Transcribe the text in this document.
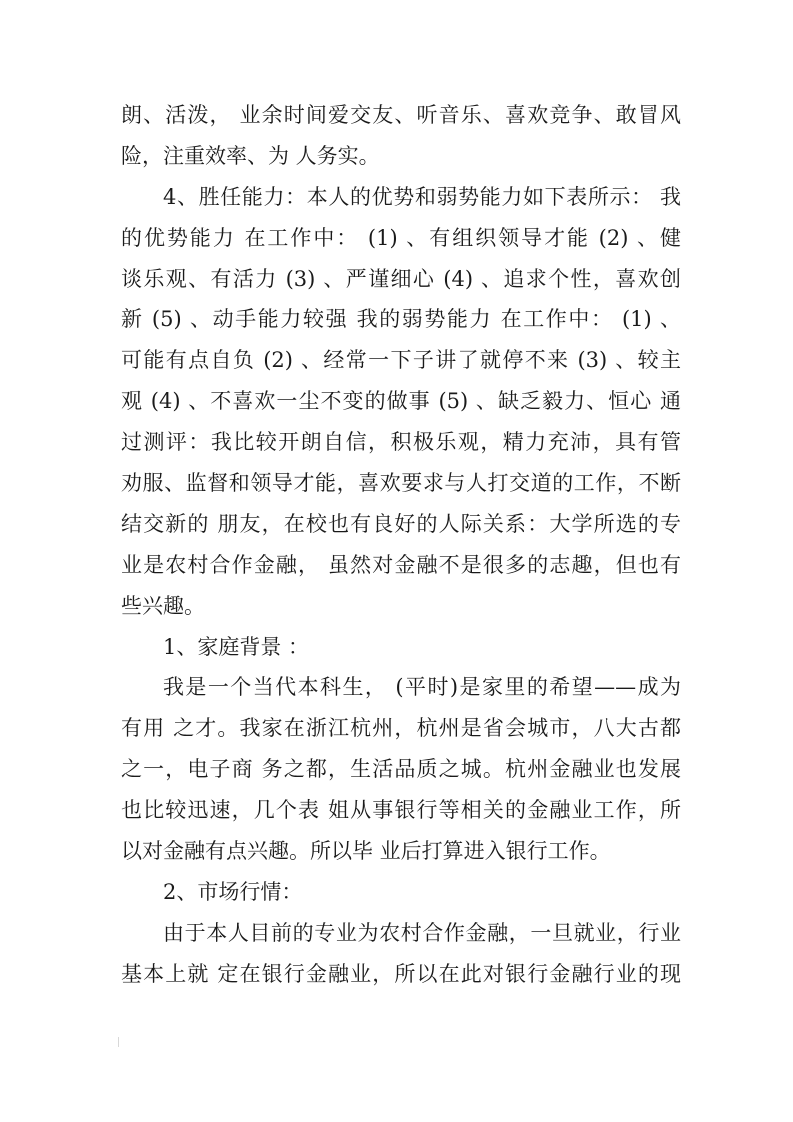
朗、活泼， 业余时间爱交友、听音乐、喜欢竞争、敢冒风
险，注重效率、为 人务实。
4、胜任能力：本人的优势和弱势能力如下表所示： 我
的优势能力 在工作中： (1) 、有组织领导才能 (2) 、健
谈乐观、有活力 (3) 、严谨细心 (4) 、追求个性，喜欢创
新 (5) 、动手能力较强 我的弱势能力 在工作中： (1) 、
可能有点自负 (2) 、经常一下子讲了就停不来 (3) 、较主
观 (4) 、不喜欢一尘不变的做事 (5) 、缺乏毅力、恒心 通
过测评：我比较开朗自信，积极乐观，精力充沛，具有管
劝服、监督和领导才能，喜欢要求与人打交道的工作，不断
结交新的 朋友，在校也有良好的人际关系：大学所选的专
业是农村合作金融， 虽然对金融不是很多的志趣，但也有
些兴趣。
1、家庭背景 ：
我是一个当代本科生， (平时)是家里的希望——成为
有用 之才。我家在浙江杭州，杭州是省会城市，八大古都
之一，电子商 务之都，生活品质之城。杭州金融业也发展
也比较迅速，几个表 姐从事银行等相关的金融业工作，所
以对金融有点兴趣。所以毕 业后打算进入银行工作。
2、市场行情：
由于本人目前的专业为农村合作金融，一旦就业，行业
基本上就 定在银行金融业，所以在此对银行金融行业的现
